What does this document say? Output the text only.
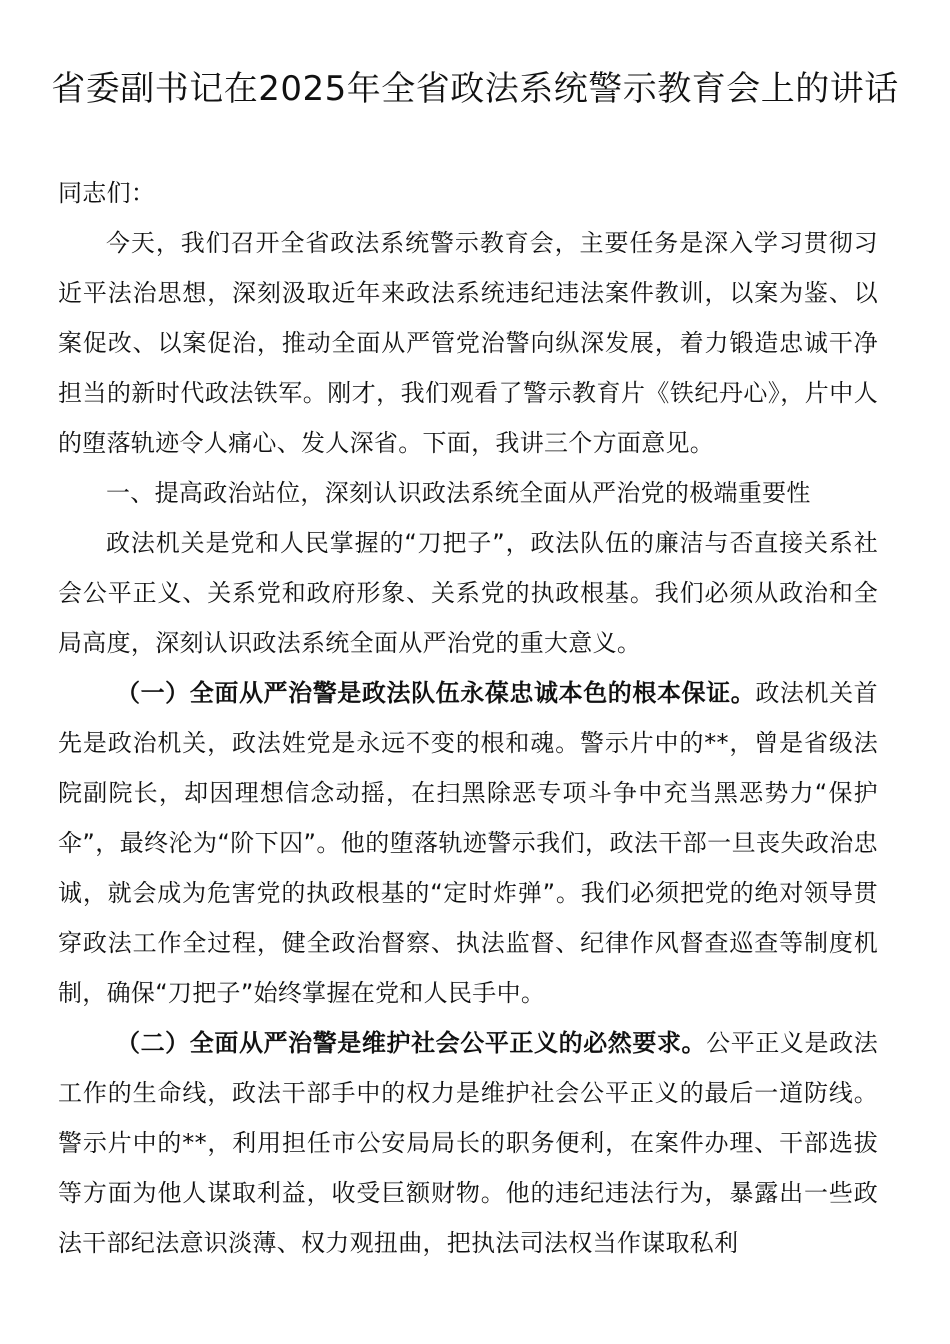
省委副书记在2025年全省政法系统警示教育会上的讲话

同志们：

今天，我们召开全省政法系统警示教育会，主要任务是深入学习贯彻习近平法治思想，深刻汲取近年来政法系统违纪违法案件教训，以案为鉴、以案促改、以案促治，推动全面从严管党治警向纵深发展，着力锻造忠诚干净担当的新时代政法铁军。刚才，我们观看了警示教育片《铁纪丹心》，片中人的堕落轨迹令人痛心、发人深省。下面，我讲三个方面意见。

一、提高政治站位，深刻认识政法系统全面从严治党的极端重要性

政法机关是党和人民掌握的“刀把子”，政法队伍的廉洁与否直接关系社会公平正义、关系党和政府形象、关系党的执政根基。我们必须从政治和全局高度，深刻认识政法系统全面从严治党的重大意义。

（一）全面从严治警是政法队伍永葆忠诚本色的根本保证。政法机关首先是政治机关，政法姓党是永远不变的根和魂。警示片中的**，曾是省级法院副院长，却因理想信念动摇，在扫黑除恶专项斗争中充当黑恶势力“保护伞”，最终沦为“阶下囚”。他的堕落轨迹警示我们，政法干部一旦丧失政治忠诚，就会成为危害党的执政根基的“定时炸弹”。我们必须把党的绝对领导贯穿政法工作全过程，健全政治督察、执法监督、纪律作风督查巡查等制度机制，确保“刀把子”始终掌握在党和人民手中。

（二）全面从严治警是维护社会公平正义的必然要求。公平正义是政法工作的生命线，政法干部手中的权力是维护社会公平正义的最后一道防线。警示片中的**，利用担任市公安局局长的职务便利，在案件办理、干部选拔等方面为他人谋取利益，收受巨额财物。他的违纪违法行为，暴露出一些政法干部纪法意识淡薄、权力观扭曲，把执法司法权当作谋取私利
